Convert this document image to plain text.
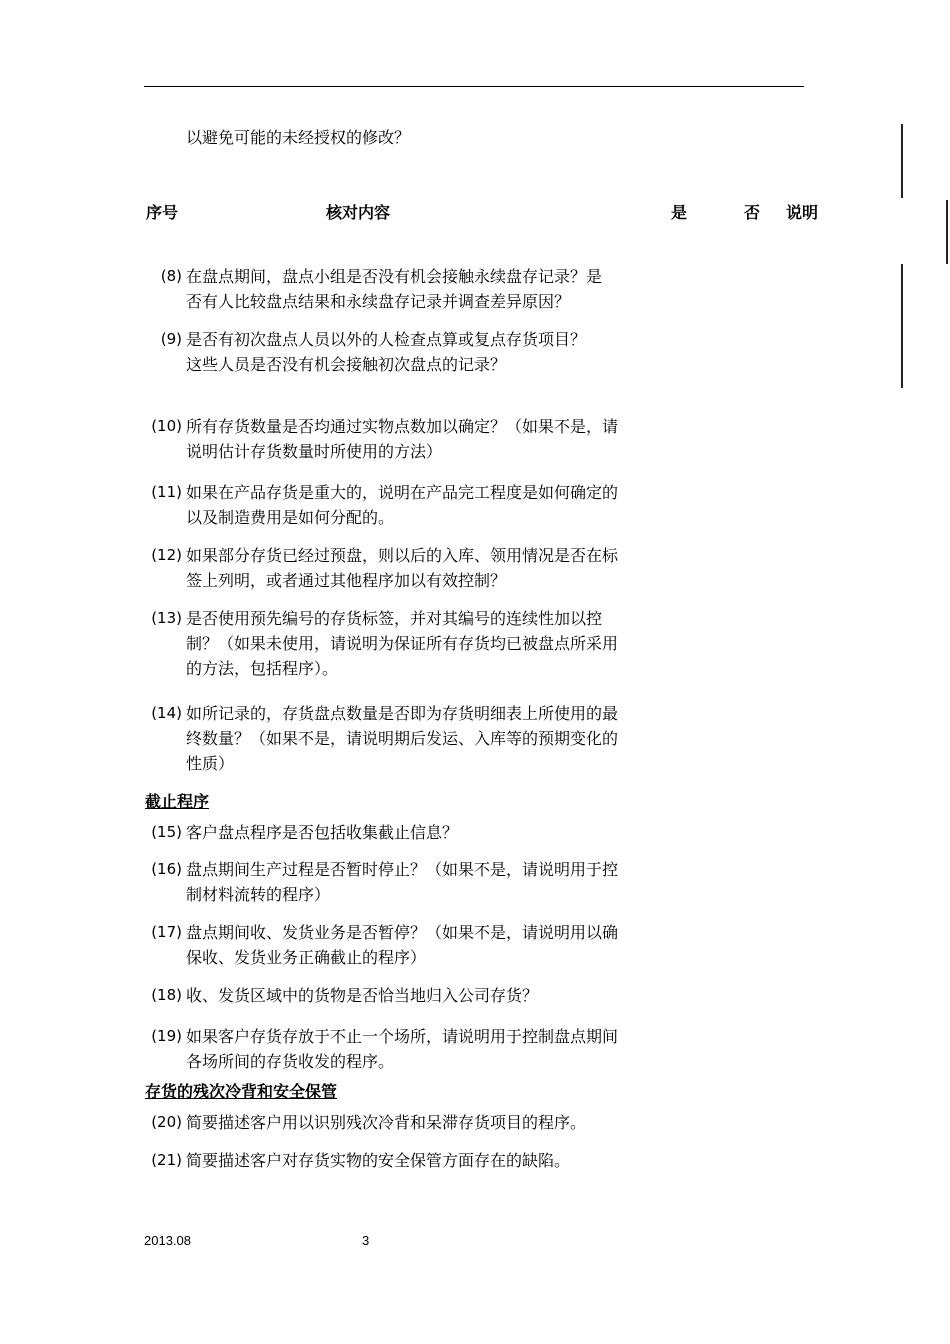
以避免可能的未经授权的修改？
序号	核对内容	是	否 说明
截止程序
存货的残次冷背和安全保管
(8) 在盘点期间，盘点小组是否没有机会接触永续盘存记录？是
否有人比较盘点结果和永续盘存记录并调查差异原因？
(9) 是否有初次盘点人员以外的人检查点算或复点存货项目？
这些人员是否没有机会接触初次盘点的记录？
(10) 所有存货数量是否均通过实物点数加以确定？（如果不是，请
说明估计存货数量时所使用的方法）
(11) 如果在产品存货是重大的，说明在产品完工程度是如何确定的
以及制造费用是如何分配的。
(12) 如果部分存货已经过预盘，则以后的入库、领用情况是否在标
签上列明，或者通过其他程序加以有效控制？
(13) 是否使用预先编号的存货标签，并对其编号的连续性加以控
制？（如果未使用，请说明为保证所有存货均已被盘点所采用
的方法，包括程序）。
(14) 如所记录的，存货盘点数量是否即为存货明细表上所使用的最
终数量？（如果不是，请说明期后发运、入库等的预期变化的
性质）
(15) 客户盘点程序是否包括收集截止信息？
(16) 盘点期间生产过程是否暂时停止？（如果不是，请说明用于控
制材料流转的程序）
(17) 盘点期间收、发货业务是否暂停？（如果不是，请说明用以确
保收、发货业务正确截止的程序）
(18) 收、发货区域中的货物是否恰当地归入公司存货？
(19) 如果客户存货存放于不止一个场所，请说明用于控制盘点期间
各场所间的存货收发的程序。
(20) 简要描述客户用以识别残次冷背和呆滞存货项目的程序。
(21) 简要描述客户对存货实物的安全保管方面存在的缺陷。
2013.08	3
